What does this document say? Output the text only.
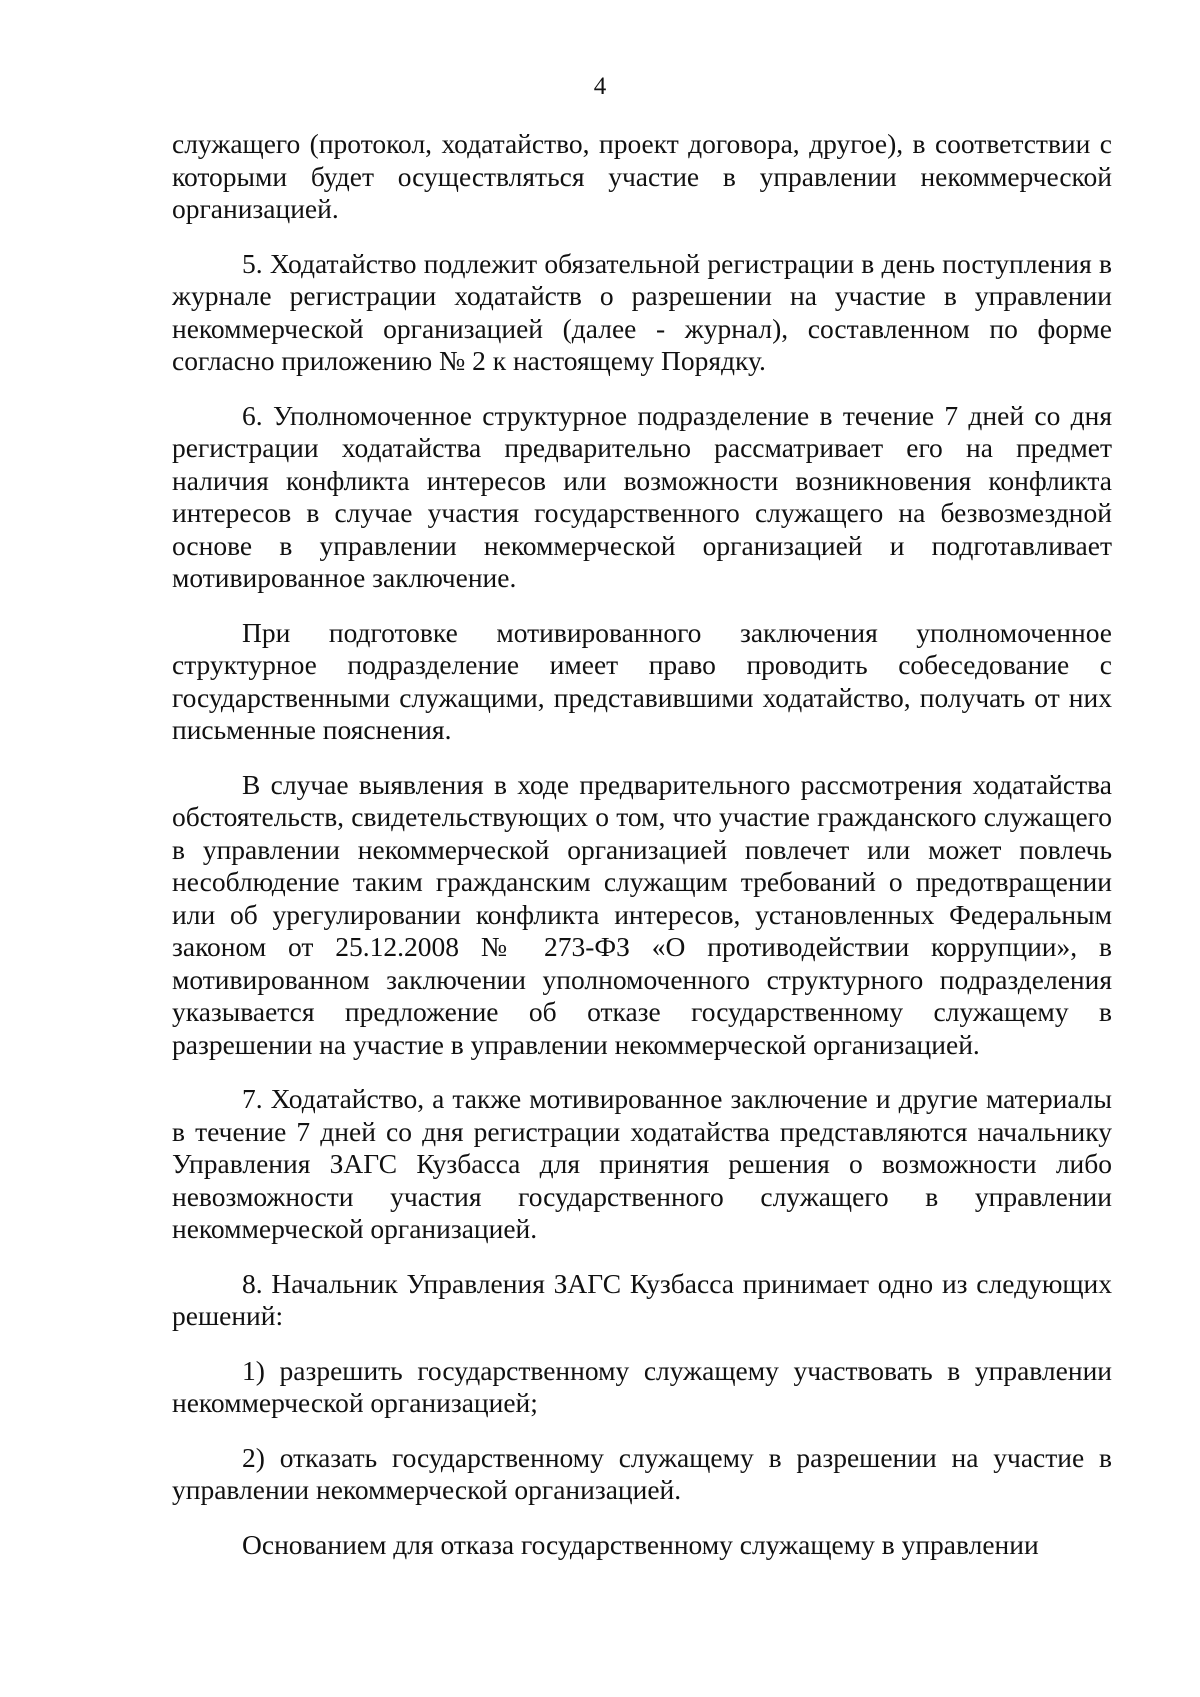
4

служащего (протокол, ходатайство, проект договора, другое), в соответствии с которыми будет осуществляться участие в управлении некоммерческой организацией.

5. Ходатайство подлежит обязательной регистрации в день поступления в журнале регистрации ходатайств о разрешении на участие в управлении некоммерческой организацией (далее - журнал), составленном по форме согласно приложению № 2 к настоящему Порядку.

6. Уполномоченное структурное подразделение в течение 7 дней со дня регистрации ходатайства предварительно рассматривает его на предмет наличия конфликта интересов или возможности возникновения конфликта интересов в случае участия государственного служащего на безвозмездной основе в управлении некоммерческой организацией и подготавливает мотивированное заключение.

При подготовке мотивированного заключения уполномоченное структурное подразделение имеет право проводить собеседование с государственными служащими, представившими ходатайство, получать от них письменные пояснения.

В случае выявления в ходе предварительного рассмотрения ходатайства обстоятельств, свидетельствующих о том, что участие гражданского служащего в управлении некоммерческой организацией повлечет или может повлечь несоблюдение таким гражданским служащим требований о предотвращении или об урегулировании конфликта интересов, установленных Федеральным законом от 25.12.2008 № 273-ФЗ «О противодействии коррупции», в мотивированном заключении уполномоченного структурного подразделения указывается предложение об отказе государственному служащему в разрешении на участие в управлении некоммерческой организацией.

7. Ходатайство, а также мотивированное заключение и другие материалы в течение 7 дней со дня регистрации ходатайства представляются начальнику Управления ЗАГС Кузбасса для принятия решения о возможности либо невозможности участия государственного служащего в управлении некоммерческой организацией.

8. Начальник Управления ЗАГС Кузбасса принимает одно из следующих решений:

1) разрешить государственному служащему участвовать в управлении некоммерческой организацией;

2) отказать государственному служащему в разрешении на участие в управлении некоммерческой организацией.

Основанием для отказа государственному служащему в управлении
